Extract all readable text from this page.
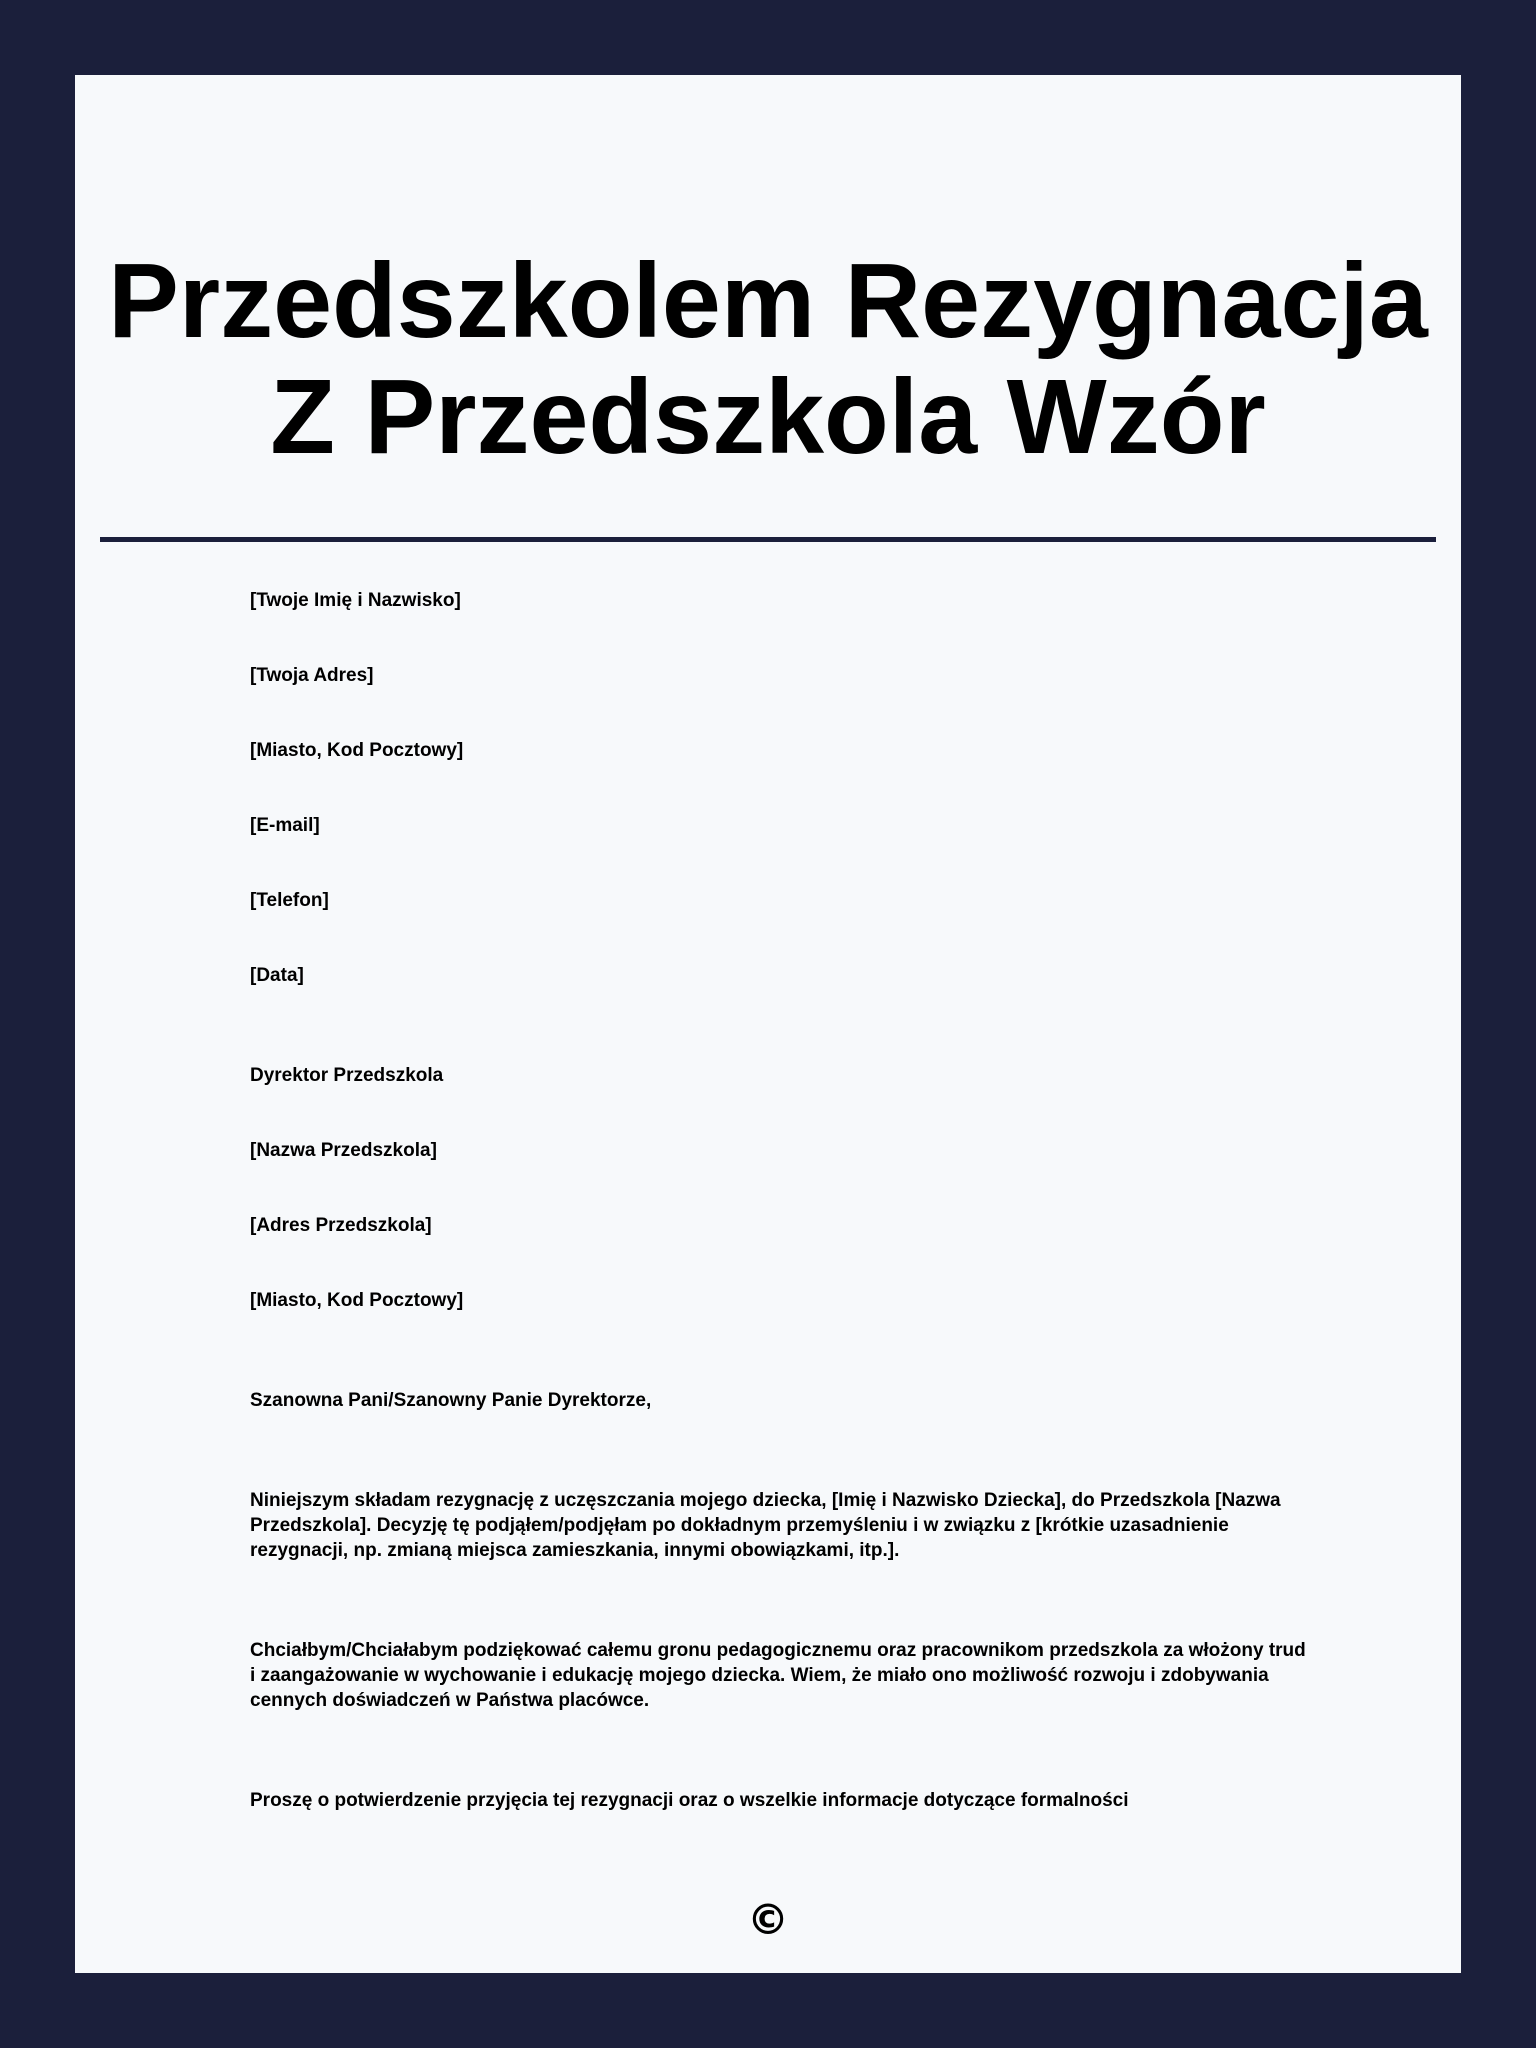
Przedszkolem Rezygnacja Z Przedszkola Wzór

[Twoje Imię i Nazwisko]

[Twoja Adres]

[Miasto, Kod Pocztowy]

[E-mail]

[Telefon]

[Data]

Dyrektor Przedszkola

[Nazwa Przedszkola]

[Adres Przedszkola]

[Miasto, Kod Pocztowy]

Szanowna Pani/Szanowny Panie Dyrektorze,

Niniejszym składam rezygnację z uczęszczania mojego dziecka, [Imię i Nazwisko Dziecka], do Przedszkola [Nazwa Przedszkola]. Decyzję tę podjąłem/podjęłam po dokładnym przemyśleniu i w związku z [krótkie uzasadnienie rezygnacji, np. zmianą miejsca zamieszkania, innymi obowiązkami, itp.].

Chciałbym/Chciałabym podziękować całemu gronu pedagogicznemu oraz pracownikom przedszkola za włożony trud i zaangażowanie w wychowanie i edukację mojego dziecka. Wiem, że miało ono możliwość rozwoju i zdobywania cennych doświadczeń w Państwa placówce.

Proszę o potwierdzenie przyjęcia tej rezygnacji oraz o wszelkie informacje dotyczące formalności

©
